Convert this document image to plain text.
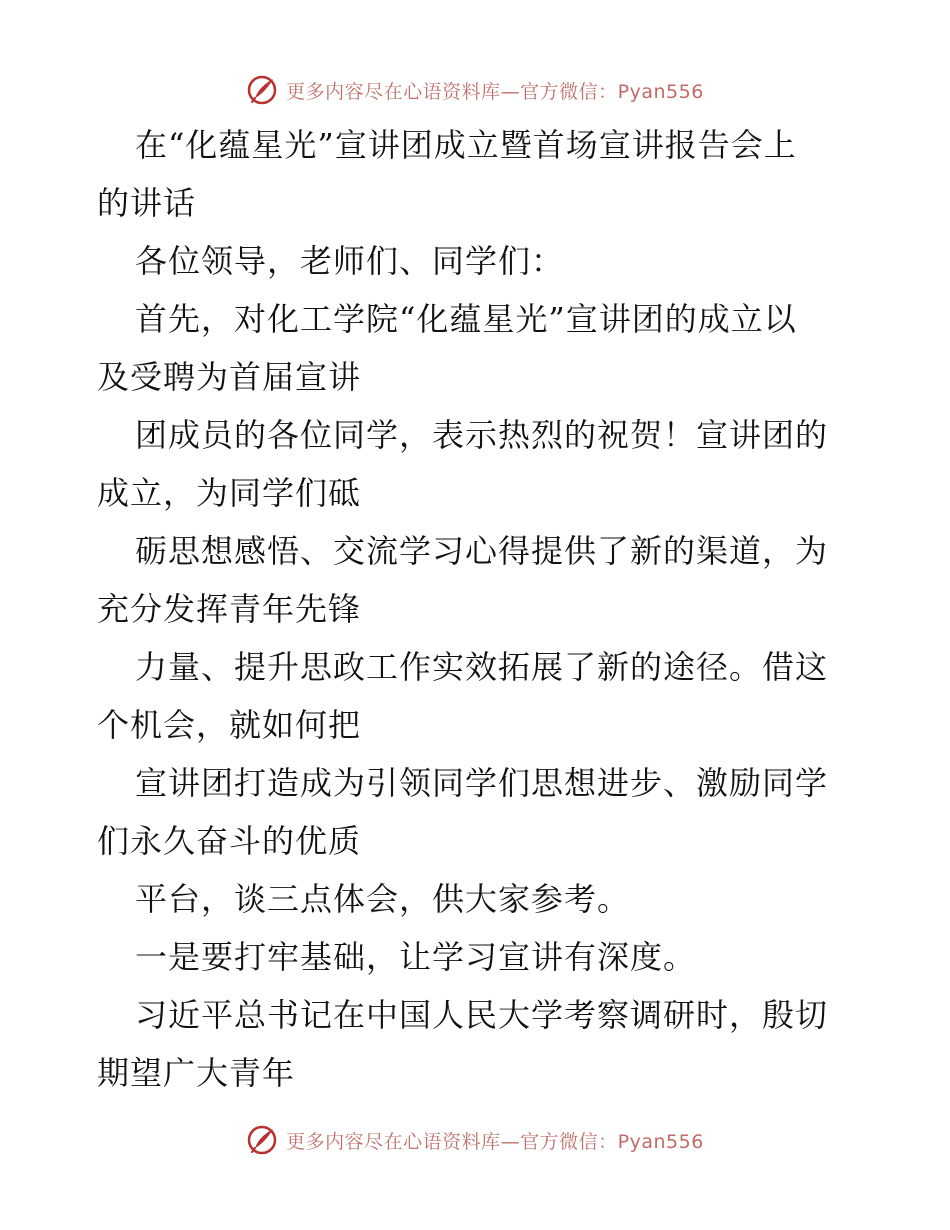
更多内容尽在心语资料库—官方微信：Pyan556
在“化蕴星光”宣讲团成立暨首场宣讲报告会上
的讲话
各位领导，老师们、同学们：
首先，对化工学院“化蕴星光”宣讲团的成立以
及受聘为首届宣讲
团成员的各位同学，表示热烈的祝贺！宣讲团的
成立，为同学们砥
砺思想感悟、交流学习心得提供了新的渠道，为
充分发挥青年先锋
力量、提升思政工作实效拓展了新的途径。借这
个机会，就如何把
宣讲团打造成为引领同学们思想进步、激励同学
们永久奋斗的优质
平台，谈三点体会，供大家参考。
一是要打牢基础，让学习宣讲有深度。
习近平总书记在中国人民大学考察调研时，殷切
期望广大青年
更多内容尽在心语资料库—官方微信：Pyan556
